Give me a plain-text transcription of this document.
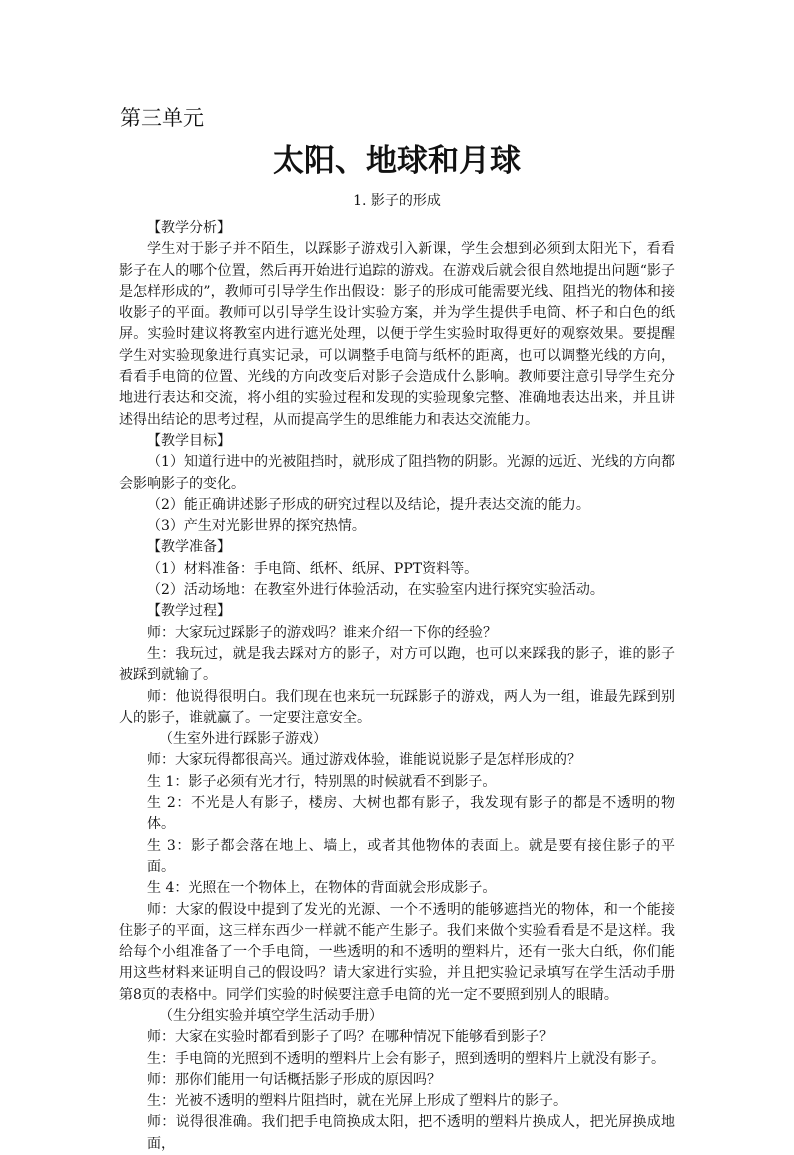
第三单元
太阳、地球和月球
1. 影子的形成

【教学分析】

学生对于影子并不陌生，以踩影子游戏引入新课，学生会想到必须到太阳光下，看看影子在人的哪个位置，然后再开始进行追踪的游戏。在游戏后就会很自然地提出问题“影子是怎样形成的”，教师可引导学生作出假设：影子的形成可能需要光线、阻挡光的物体和接收影子的平面。教师可以引导学生设计实验方案，并为学生提供手电筒、杯子和白色的纸屏。实验时建议将教室内进行遮光处理，以便于学生实验时取得更好的观察效果。要提醒学生对实验现象进行真实记录，可以调整手电筒与纸杯的距离，也可以调整光线的方向，看看手电筒的位置、光线的方向改变后对影子会造成什么影响。教师要注意引导学生充分地进行表达和交流，将小组的实验过程和发现的实验现象完整、准确地表达出来，并且讲述得出结论的思考过程，从而提高学生的思维能力和表达交流能力。

【教学目标】

（1）知道行进中的光被阻挡时，就形成了阻挡物的阴影。光源的远近、光线的方向都会影响影子的变化。

（2）能正确讲述影子形成的研究过程以及结论，提升表达交流的能力。

（3）产生对光影世界的探究热情。

【教学准备】

（1）材料准备：手电筒、纸杯、纸屏、PPT资料等。

（2）活动场地：在教室外进行体验活动，在实验室内进行探究实验活动。

【教学过程】

师：大家玩过踩影子的游戏吗？谁来介绍一下你的经验？

生：我玩过，就是我去踩对方的影子，对方可以跑，也可以来踩我的影子，谁的影子被踩到就输了。

师：他说得很明白。我们现在也来玩一玩踩影子的游戏，两人为一组，谁最先踩到别人的影子，谁就赢了。一定要注意安全。

（生室外进行踩影子游戏）

师：大家玩得都很高兴。通过游戏体验，谁能说说影子是怎样形成的？

生 1：影子必须有光才行，特别黑的时候就看不到影子。

生 2：不光是人有影子，楼房、大树也都有影子，我发现有影子的都是不透明的物体。

生 3：影子都会落在地上、墙上，或者其他物体的表面上。就是要有接住影子的平面。

生 4：光照在一个物体上，在物体的背面就会形成影子。

师：大家的假设中提到了发光的光源、一个不透明的能够遮挡光的物体，和一个能接住影子的平面，这三样东西少一样就不能产生影子。我们来做个实验看看是不是这样。我给每个小组准备了一个手电筒，一些透明的和不透明的塑料片，还有一张大白纸，你们能用这些材料来证明自己的假设吗？请大家进行实验，并且把实验记录填写在学生活动手册第8页的表格中。同学们实验的时候要注意手电筒的光一定不要照到别人的眼睛。

（生分组实验并填空学生活动手册）

师：大家在实验时都看到影子了吗？在哪种情况下能够看到影子？

生：手电筒的光照到不透明的塑料片上会有影子，照到透明的塑料片上就没有影子。

师：那你们能用一句话概括影子形成的原因吗？

生：光被不透明的塑料片阻挡时，就在光屏上形成了塑料片的影子。

师：说得很准确。我们把手电筒换成太阳，把不透明的塑料片换成人，把光屏换成地面，
